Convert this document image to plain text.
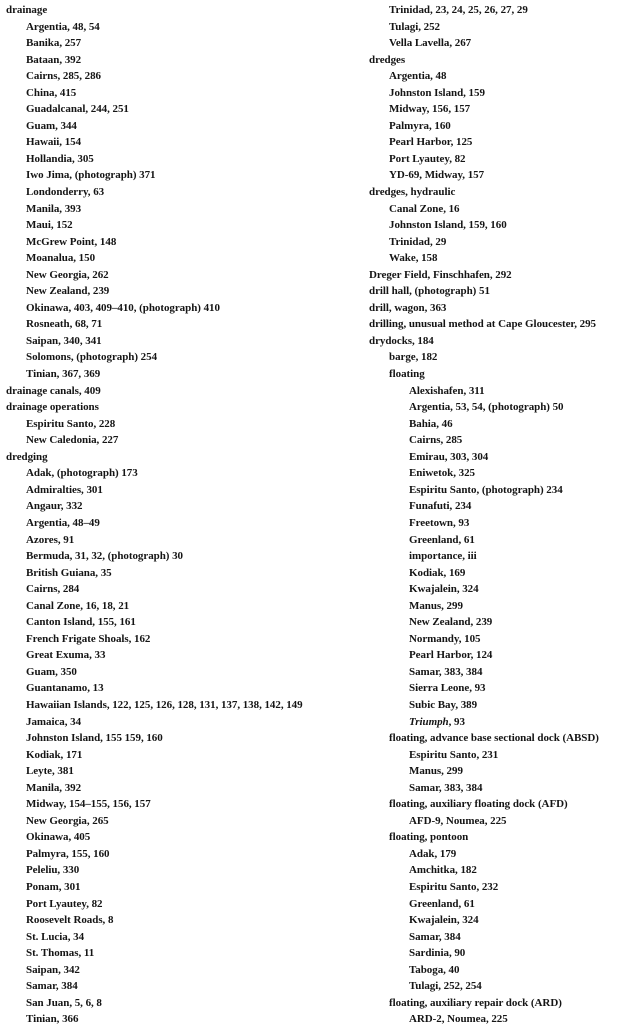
drainage
Argentia, 48, 54
Banika, 257
Bataan, 392
Cairns, 285, 286
China, 415
Guadalcanal, 244, 251
Guam, 344
Hawaii, 154
Hollandia, 305
Iwo Jima, (photograph) 371
Londonderry, 63
Manila, 393
Maui, 152
McGrew Point, 148
Moanalua, 150
New Georgia, 262
New Zealand, 239
Okinawa, 403, 409–410, (photograph) 410
Rosneath, 68, 71
Saipan, 340, 341
Solomons, (photograph) 254
Tinian, 367, 369
drainage canals, 409
drainage operations
Espiritu Santo, 228
New Caledonia, 227
dredging
Adak, (photograph) 173
Admiralties, 301
Angaur, 332
Argentia, 48–49
Azores, 91
Bermuda, 31, 32, (photograph) 30
British Guiana, 35
Cairns, 284
Canal Zone, 16, 18, 21
Canton Island, 155, 161
French Frigate Shoals, 162
Great Exuma, 33
Guam, 350
Guantanamo, 13
Hawaiian Islands, 122, 125, 126, 128, 131, 137, 138, 142, 149
Jamaica, 34
Johnston Island, 155 159, 160
Kodiak, 171
Leyte, 381
Manila, 392
Midway, 154–155, 156, 157
New Georgia, 265
Okinawa, 405
Palmyra, 155, 160
Peleliu, 330
Ponam, 301
Port Lyautey, 82
Roosevelt Roads, 8
St. Lucia, 34
St. Thomas, 11
Saipan, 342
Samar, 384
San Juan, 5, 6, 8
Tinian, 366
Trinidad, 23, 24, 25, 26, 27, 29
Tulagi, 252
Vella Lavella, 267
dredges
Argentia, 48
Johnston Island, 159
Midway, 156, 157
Palmyra, 160
Pearl Harbor, 125
Port Lyautey, 82
YD-69, Midway, 157
dredges, hydraulic
Canal Zone, 16
Johnston Island, 159, 160
Trinidad, 29
Wake, 158
Dreger Field, Finschhafen, 292
drill hall, (photograph) 51
drill, wagon, 363
drilling, unusual method at Cape Gloucester, 295
drydocks, 184
barge, 182
floating
Alexishafen, 311
Argentia, 53, 54, (photograph) 50
Bahia, 46
Cairns, 285
Emirau, 303, 304
Eniwetok, 325
Espiritu Santo, (photograph) 234
Funafuti, 234
Freetown, 93
Greenland, 61
importance, iii
Kodiak, 169
Kwajalein, 324
Manus, 299
New Zealand, 239
Normandy, 105
Pearl Harbor, 124
Samar, 383, 384
Sierra Leone, 93
Subic Bay, 389
Triumph, 93
floating, advance base sectional dock (ABSD)
Espiritu Santo, 231
Manus, 299
Samar, 383, 384
floating, auxiliary floating dock (AFD)
AFD-9, Noumea, 225
floating, pontoon
Adak, 179
Amchitka, 182
Espiritu Santo, 232
Greenland, 61
Kwajalein, 324
Samar, 384
Sardinia, 90
Taboga, 40
Tulagi, 252, 254
floating, auxiliary repair dock (ARD)
ARD-2, Noumea, 225
